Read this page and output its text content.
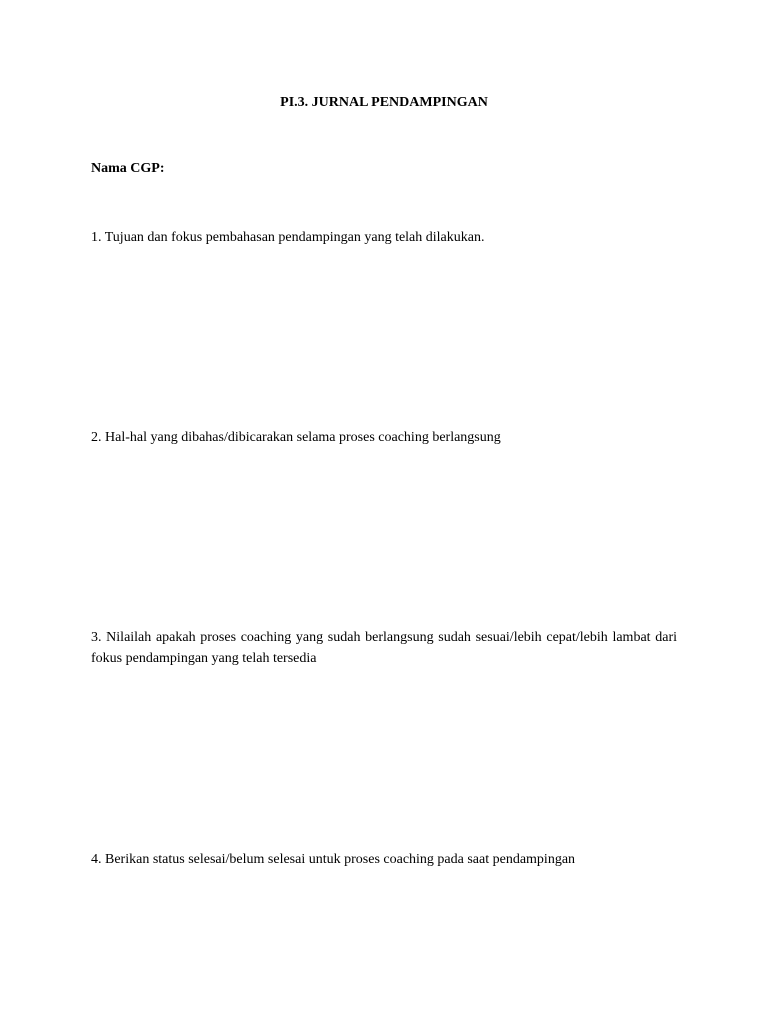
PI.3. JURNAL PENDAMPINGAN

Nama CGP:

1. Tujuan dan fokus pembahasan pendampingan yang telah dilakukan.

2. Hal-hal yang dibahas/dibicarakan selama proses coaching berlangsung

3. Nilailah apakah proses coaching yang sudah berlangsung sudah sesuai/lebih cepat/lebih lambat dari fokus pendampingan yang telah tersedia

4. Berikan status selesai/belum selesai untuk proses coaching pada saat pendampingan
